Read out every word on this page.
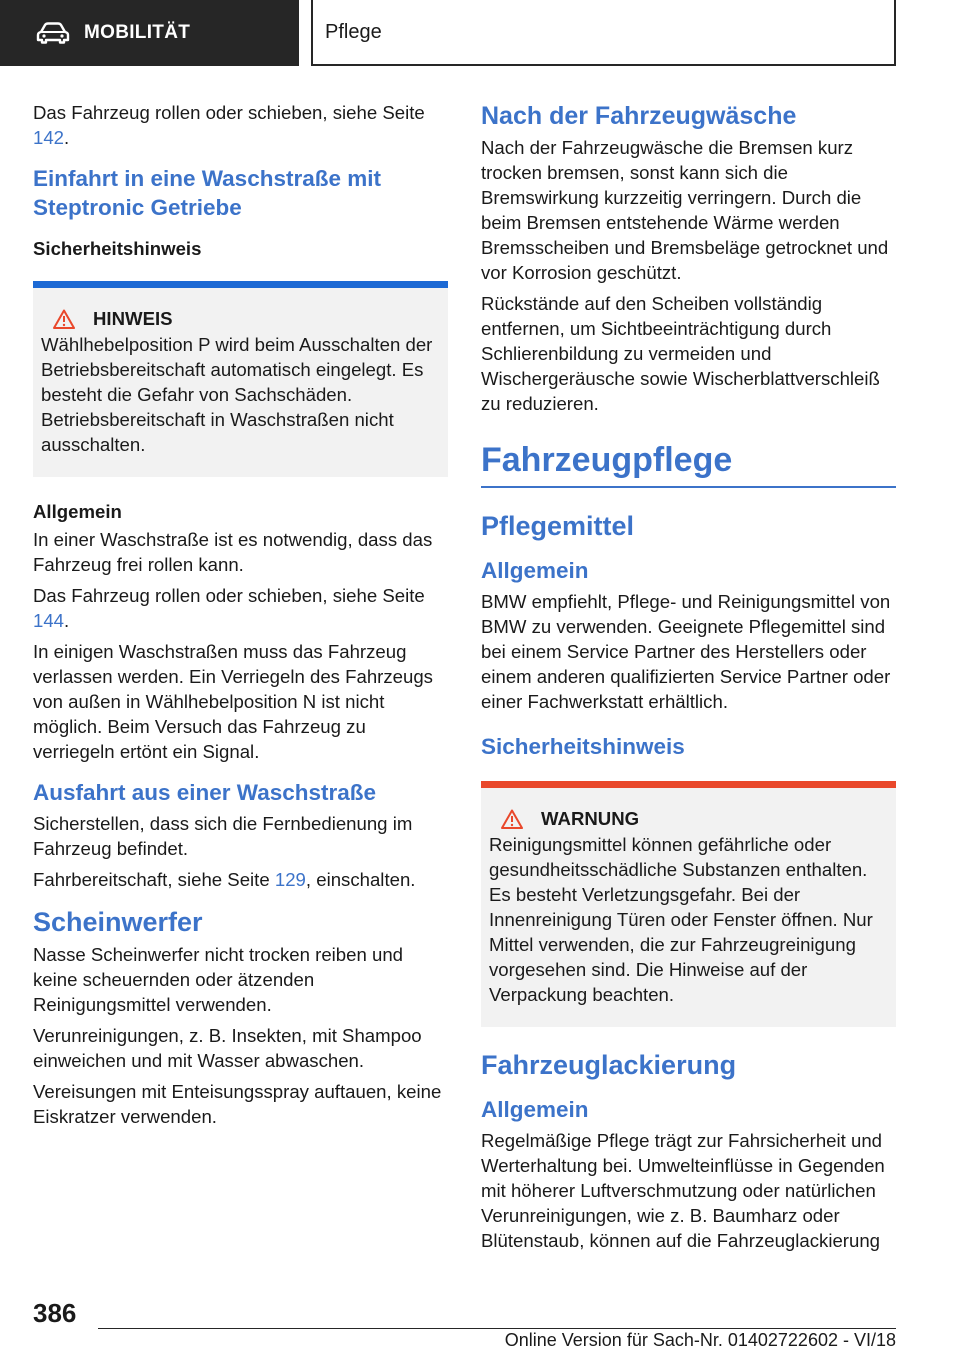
MOBILITÄT	Pflege

Das Fahrzeug rollen oder schieben, siehe Seite 142.

Einfahrt in eine Waschstraße mit Steptronic Getriebe
Sicherheitshinweis
HINWEIS

Wählhebelposition P wird beim Ausschalten der Betriebsbereitschaft automatisch eingelegt. Es besteht die Gefahr von Sachschäden. Betriebsbereitschaft in Waschstraßen nicht ausschalten.

Allgemein

In einer Waschstraße ist es notwendig, dass das Fahrzeug frei rollen kann.

Das Fahrzeug rollen oder schieben, siehe Seite 144.

In einigen Waschstraßen muss das Fahrzeug verlassen werden. Ein Verriegeln des Fahrzeugs von außen in Wählhebelposition N ist nicht möglich. Beim Versuch das Fahrzeug zu verriegeln ertönt ein Signal.

Ausfahrt aus einer Waschstraße

Sicherstellen, dass sich die Fernbedienung im Fahrzeug befindet.

Fahrbereitschaft, siehe Seite 129, einschalten.

Scheinwerfer

Nasse Scheinwerfer nicht trocken reiben und keine scheuernden oder ätzenden Reinigungsmittel verwenden.

Verunreinigungen, z. B. Insekten, mit Shampoo einweichen und mit Wasser abwaschen.

Vereisungen mit Enteisungsspray auftauen, keine Eiskratzer verwenden.

Nach der Fahrzeugwäsche

Nach der Fahrzeugwäsche die Bremsen kurz trocken bremsen, sonst kann sich die Bremswirkung kurzzeitig verringern. Durch die beim Bremsen entstehende Wärme werden Bremsscheiben und Bremsbeläge getrocknet und vor Korrosion geschützt.

Rückstände auf den Scheiben vollständig entfernen, um Sichtbeeinträchtigung durch Schlierenbildung zu vermeiden und Wischergeräusche sowie Wischerblattverschleiß zu reduzieren.

Fahrzeugpflege
Pflegemittel
Allgemein

BMW empfiehlt, Pflege- und Reinigungsmittel von BMW zu verwenden. Geeignete Pflegemittel sind bei einem Service Partner des Herstellers oder einem anderen qualifizierten Service Partner oder einer Fachwerkstatt erhältlich.

Sicherheitshinweis
WARNUNG

Reinigungsmittel können gefährliche oder gesundheitsschädliche Substanzen enthalten. Es besteht Verletzungsgefahr. Bei der Innenreinigung Türen oder Fenster öffnen. Nur Mittel verwenden, die zur Fahrzeugreinigung vorgesehen sind. Die Hinweise auf der Verpackung beachten.

Fahrzeuglackierung
Allgemein

Regelmäßige Pflege trägt zur Fahrsicherheit und Werterhaltung bei. Umwelteinflüsse in Gegenden mit höherer Luftverschmutzung oder natürlichen Verunreinigungen, wie z. B. Baumharz oder Blütenstaub, können auf die Fahrzeuglackierung

386
Online Version für Sach-Nr. 01402722602 - VI/18
